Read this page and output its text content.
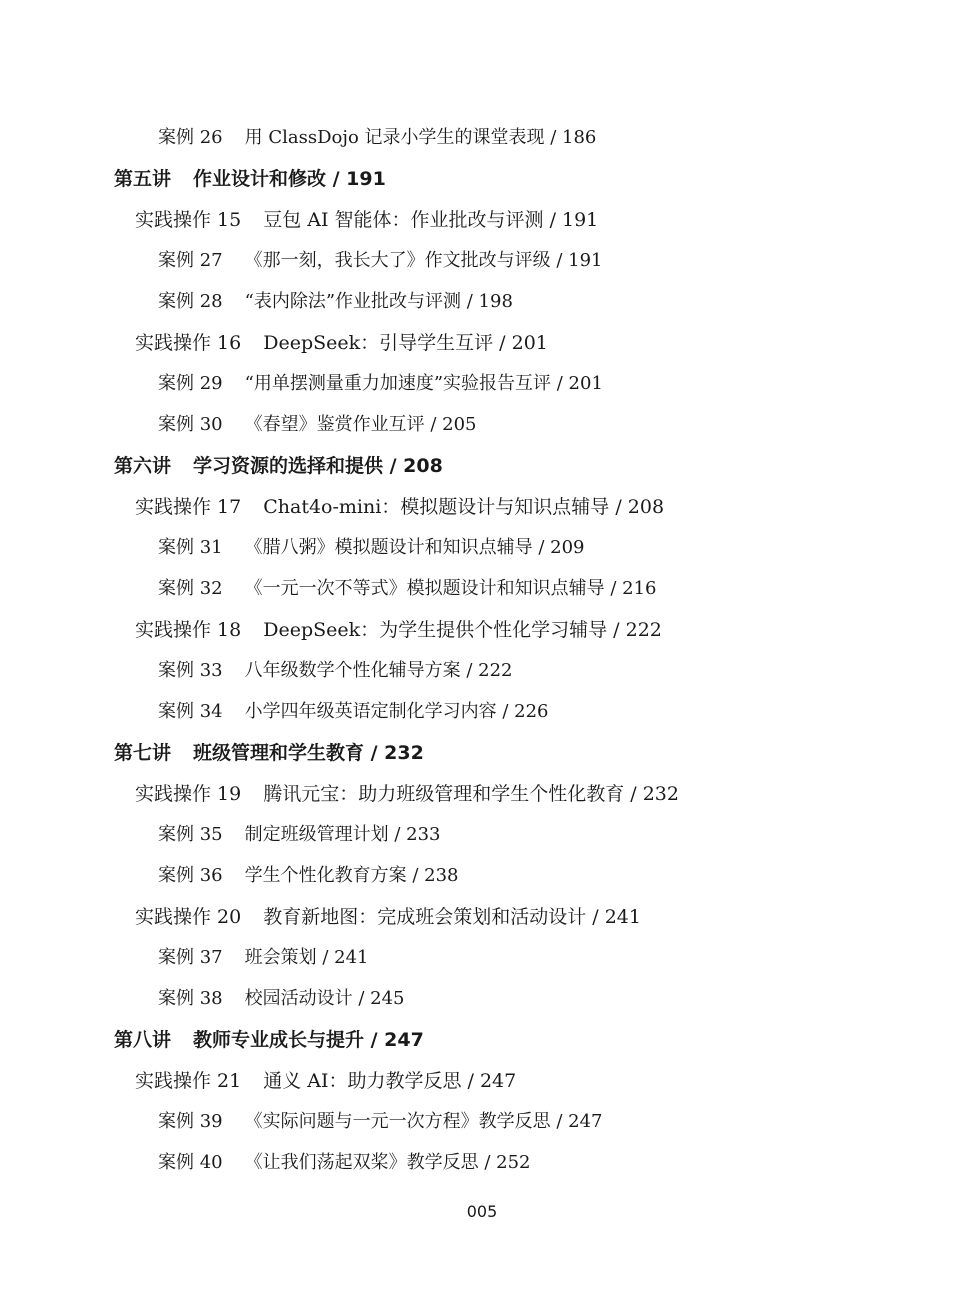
案例 26 用 ClassDojo 记录小学生的课堂表现 / 186
第五讲 作业设计和修改 / 191
实践操作 15 豆包 AI 智能体：作业批改与评测 / 191
案例 27 《那一刻，我长大了》作文批改与评级 / 191
案例 28 “表内除法”作业批改与评测 / 198
实践操作 16 DeepSeek：引导学生互评 / 201
案例 29 “用单摆测量重力加速度”实验报告互评 / 201
案例 30 《春望》鉴赏作业互评 / 205
第六讲 学习资源的选择和提供 / 208
实践操作 17 Chat4o-mini：模拟题设计与知识点辅导 / 208
案例 31 《腊八粥》模拟题设计和知识点辅导 / 209
案例 32 《一元一次不等式》模拟题设计和知识点辅导 / 216
实践操作 18 DeepSeek：为学生提供个性化学习辅导 / 222
案例 33 八年级数学个性化辅导方案 / 222
案例 34 小学四年级英语定制化学习内容 / 226
第七讲 班级管理和学生教育 / 232
实践操作 19 腾讯元宝：助力班级管理和学生个性化教育 / 232
案例 35 制定班级管理计划 / 233
案例 36 学生个性化教育方案 / 238
实践操作 20 教育新地图：完成班会策划和活动设计 / 241
案例 37 班会策划 / 241
案例 38 校园活动设计 / 245
第八讲 教师专业成长与提升 / 247
实践操作 21 通义 AI：助力教学反思 / 247
案例 39 《实际问题与一元一次方程》教学反思 / 247
案例 40 《让我们荡起双桨》教学反思 / 252
005
